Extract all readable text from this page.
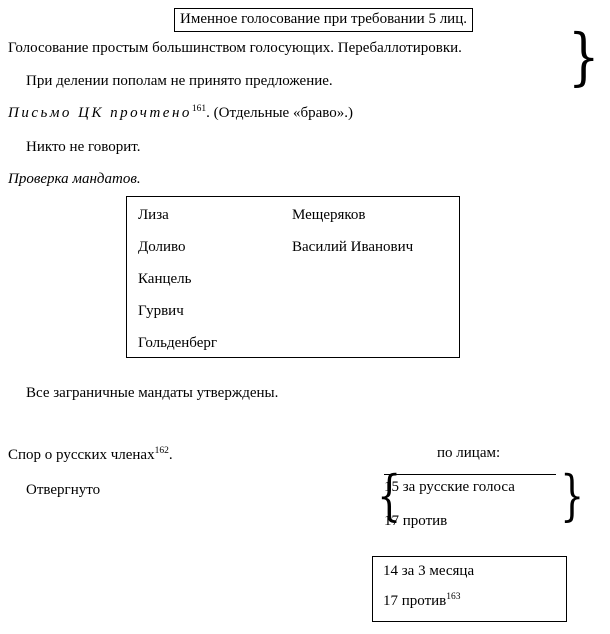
Именное голосование при требовании 5 лиц.
}
Голосование простым большинством голосующих. Перебаллотировки.
При делении пополам не принято предложение.
Письмо ЦК прочтено$^{161}$. (Отдельные «браво».)
Никто не говорит.
Проверка мандатов.
Лиза
Доливо
Канцель
Гурвич
Гольденберг
Мещеряков
Василий Иванович
Все заграничные мандаты утверждены.
Спор о русских членах$^{162}$.
Отвергнуто
по лицам:
{	}
15 за русские голоса
17 против
14 за 3 месяца
17 против$^{163}$
